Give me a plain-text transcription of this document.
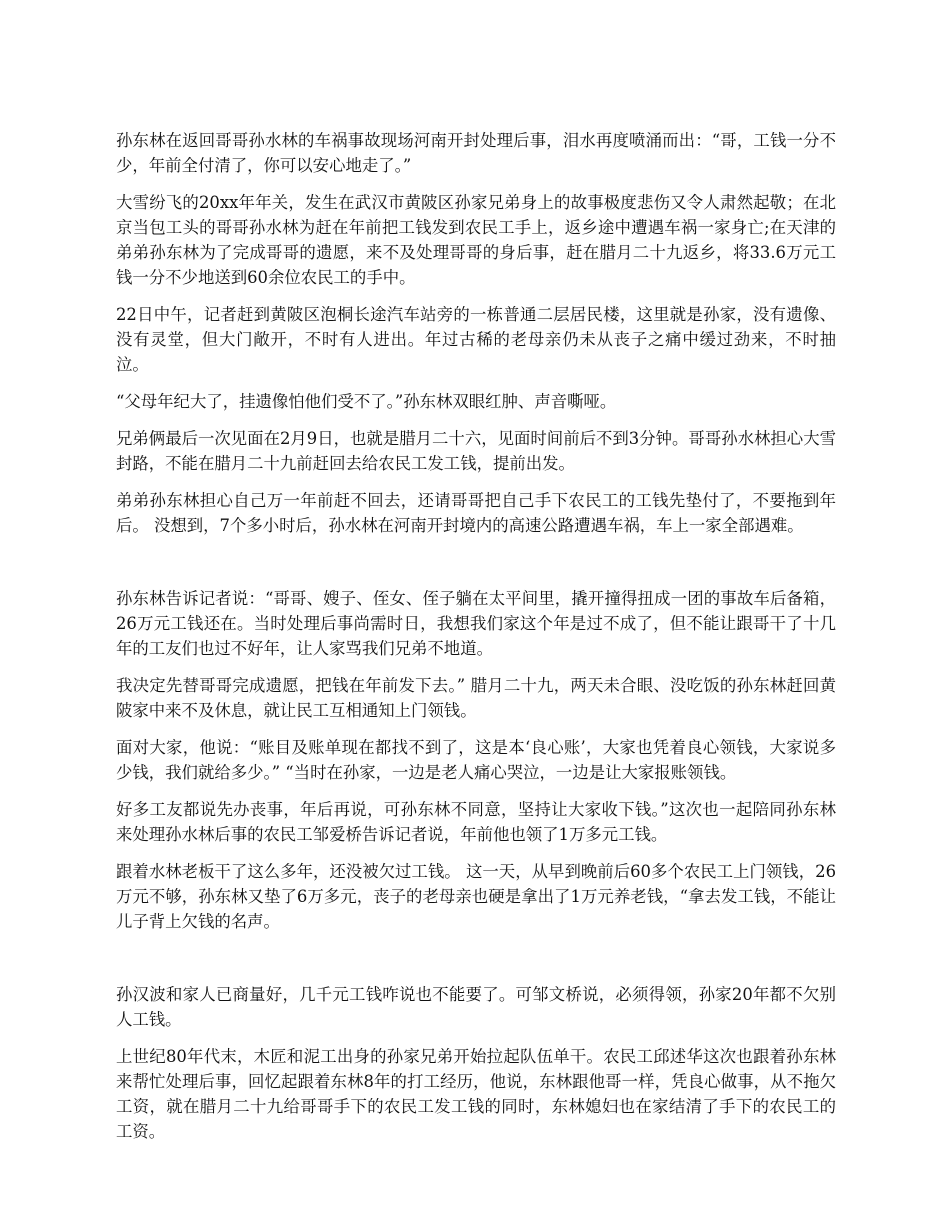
孙东林在返回哥哥孙水林的车祸事故现场河南开封处理后事，泪水再度喷涌而出：“哥，工钱一分不少，年前全付清了，你可以安心地走了。”

大雪纷飞的20xx年年关，发生在武汉市黄陂区孙家兄弟身上的故事极度悲伤又令人肃然起敬；在北京当包工头的哥哥孙水林为赶在年前把工钱发到农民工手上，返乡途中遭遇车祸一家身亡;在天津的弟弟孙东林为了完成哥哥的遗愿，来不及处理哥哥的身后事，赶在腊月二十九返乡，将33.6万元工钱一分不少地送到60余位农民工的手中。

22日中午，记者赶到黄陂区泡桐长途汽车站旁的一栋普通二层居民楼，这里就是孙家，没有遗像、没有灵堂，但大门敞开，不时有人进出。年过古稀的老母亲仍未从丧子之痛中缓过劲来，不时抽泣。

“父母年纪大了，挂遗像怕他们受不了。”孙东林双眼红肿、声音嘶哑。

兄弟俩最后一次见面在2月9日，也就是腊月二十六，见面时间前后不到3分钟。哥哥孙水林担心大雪封路，不能在腊月二十九前赶回去给农民工发工钱，提前出发。

弟弟孙东林担心自己万一年前赶不回去，还请哥哥把自己手下农民工的工钱先垫付了，不要拖到年后。 没想到，7个多小时后，孙水林在河南开封境内的高速公路遭遇车祸，车上一家全部遇难。

孙东林告诉记者说：“哥哥、嫂子、侄女、侄子躺在太平间里，撬开撞得扭成一团的事故车后备箱，26万元工钱还在。当时处理后事尚需时日，我想我们家这个年是过不成了，但不能让跟哥干了十几年的工友们也过不好年，让人家骂我们兄弟不地道。

我决定先替哥哥完成遗愿，把钱在年前发下去。” 腊月二十九，两天未合眼、没吃饭的孙东林赶回黄陂家中来不及休息，就让民工互相通知上门领钱。

面对大家，他说：“账目及账单现在都找不到了，这是本‘良心账’，大家也凭着良心领钱，大家说多少钱，我们就给多少。” “当时在孙家，一边是老人痛心哭泣，一边是让大家报账领钱。

好多工友都说先办丧事，年后再说，可孙东林不同意，坚持让大家收下钱。”这次也一起陪同孙东林来处理孙水林后事的农民工邹爱桥告诉记者说，年前他也领了1万多元工钱。

跟着水林老板干了这么多年，还没被欠过工钱。 这一天，从早到晚前后60多个农民工上门领钱，26万元不够，孙东林又垫了6万多元，丧子的老母亲也硬是拿出了1万元养老钱，“拿去发工钱，不能让儿子背上欠钱的名声。

孙汉波和家人已商量好，几千元工钱咋说也不能要了。可邹文桥说，必须得领，孙家20年都不欠别人工钱。

上世纪80年代末，木匠和泥工出身的孙家兄弟开始拉起队伍单干。农民工邱述华这次也跟着孙东林来帮忙处理后事，回忆起跟着东林8年的打工经历，他说，东林跟他哥一样，凭良心做事，从不拖欠工资，就在腊月二十九给哥哥手下的农民工发工钱的同时，东林媳妇也在家结清了手下的农民工的工资。
